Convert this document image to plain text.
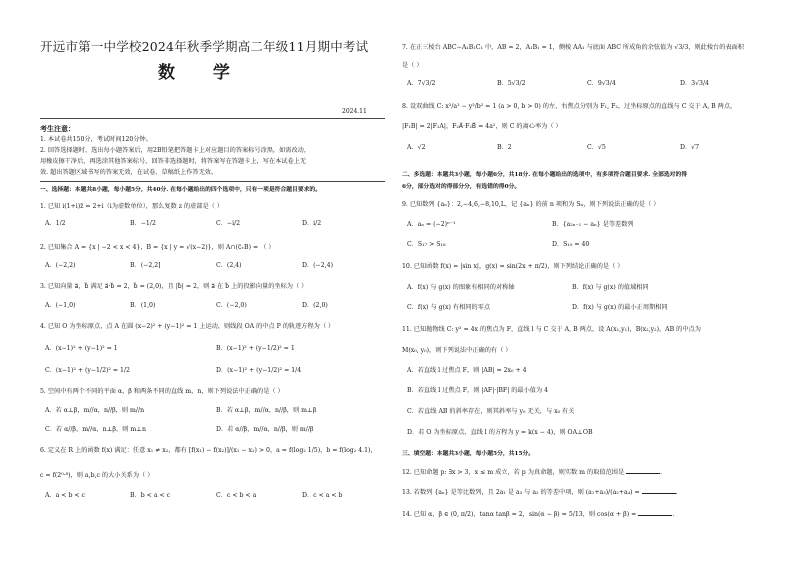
开远市第一中学校2024年秋季学期高二年级11月期中考试
数 学
2024.11
考生注意：
1. 本试卷共150分，考试时间120分钟。
2. 回答选择题时，选出每小题答案后，用2B铅笔把答题卡上对应题目的答案标号涂黑，如需改动，
用橡皮擦干净后，再选涂其他答案标号，回答非选择题时，将答案写在答题卡上，写在本试卷上无
效. 超出答题区域书写的答案无效，在试卷、草稿纸上作答无效。
一、选择题：本题共8小题，每小题5分，共40分. 在每小题给出的四个选项中，只有一项是符合题目要求的。
1. 已知 i(1+i)z̄ = 2+i（i为虚数单位），那么复数 z 的虚部是（ ）
A．1/2	B．−1/2	C．−i/2	D．i/2
2. 已知集合 A = {x | −2 < x < 4}，B = {x | y = √(x−2)}，则 A∩(∁ᵣB) = （ ）
A．(−2,2)	B．(−2,2]	C．(2,4)	D．(−2,4)
3. 已知向量 a⃗，b⃗ 满足 a⃗·b⃗ = 2，b⃗ = (2,0)，且 |b⃗| = 2，则 a⃗ 在 b⃗ 上的投影向量的坐标为（ ）
A．(−1,0)	B．(1,0)	C．(−2,0)	D．(2,0)
4. 已知 O 为坐标原点，点 A 在圆 (x−2)² + (y−1)² = 1 上运动，则线段 OA 的中点 P 的轨迹方程为（ ）
A．(x−1)² + (y−1)² = 1	B．(x−1)² + (y−1/2)² = 1
C．(x−1)² + (y−1/2)² = 1/2	D．(x−1)² + (y−1/2)² = 1/4
5. 空间中有两个不同的平面 α，β 和两条不同的直线 m，n，则下列说法中正确的是（ ）
A．若 α⊥β，m//α，n//β，则 m//n	B．若 α⊥β，m//α，n//β，则 m⊥β
C．若 α//β，m//α，n⊥β，则 m⊥n	D．若 α//β，m//α，n//β，则 m//β
6. 定义在 R 上的函数 f(x) 满足：任意 x₁ ≠ x₂，都有 [f(x₁) − f(x₂)]/(x₁ − x₂) > 0，a = f(log₂ 1/5)，b = f(log₂ 4.1)，
c = f(2⁰·⁸)，则 a,b,c 的大小关系为（ ）
A．a < b < c	B．b < a < c	C．c < b < a	D．c < a < b
7. 在正三棱台 ABC−A₁B₁C₁ 中，AB = 2，A₁B₁ = 1，侧棱 AA₁ 与底面 ABC 所成角的余弦值为 √3/3，则此棱台的表面积
是（ ）
A．7√3/2	B．5√3/2	C．9√3/4	D．3√3/4
8. 设双曲线 C: x²/a² − y²/b² = 1 (a > 0, b > 0) 的左、右焦点分别为 F₁, F₂，过坐标原点的直线与 C 交于 A, B 两点，
|F₁B| = 2|F₁A|，F₂A⃗·F₂B⃗ = 4a²，则 C 的离心率为（ ）
A．√2	B．2	C．√5	D．√7
二、多选题：本题共3小题，每小题6分，共18分. 在每小题给出的选项中，有多项符合题目要求. 全部选对的得
6分，部分选对的得部分分，有选错的得0分。
9. 已知数列 {aₙ}：2,−4,6,−8,10,L，记 {aₙ} 的前 n 项和为 Sₙ，则下列说法正确的是（ ）
A．aₙ = (−2)ⁿ⁻¹	B．{a₂ₙ₋₁ − aₙ} 是等差数列
C．S₁₇ > S₁₈	D．S₁₀ = 40
10. 已知函数 f(x) = |sin x|，g(x) = sin(2x + π/2)，则下列结论正确的是（ ）
A．f(x) 与 g(x) 的图象有相同的对称轴	B．f(x) 与 g(x) 的值域相同
C．f(x) 与 g(x) 有相同的零点	D．f(x) 与 g(x) 的最小正周期相同
11. 已知抛物线 C: y² = 4x 的焦点为 F，直线 l 与 C 交于 A, B 两点，设 A(x₁,y₁)，B(x₂,y₂)，AB 的中点为
M(x₀, y₀)，则下列说法中正确的有（ ）
A．若直线 l 过焦点 F，则 |AB| = 2x₀ + 4
B．若直线 l 过焦点 F，则 |AF|·|BF| 的最小值为 4
C．若直线 AB 的斜率存在，则其斜率与 y₀ 无关，与 x₀ 有关
D．若 O 为坐标原点，直线 l 的方程为 y = k(x − 4)，则 OA⊥OB
三、填空题：本题共3小题，每小题5分，共15分。
12. 已知命题 p: ∃x > 3，x ≤ m 成立，若 p 为真命题，则实数 m 的取值范围是	.
13. 若数列 {aₙ} 是等比数列，且 2a₁ 是 a₃ 与 a₂ 的等差中项，则 (a₁+a₃)/(a₂+a₄) =	.
14. 已知 α，β ∈ (0, π/2)，tanα tanβ = 2，sin(α − β) = 5/13，则 cos(α + β) =	.
